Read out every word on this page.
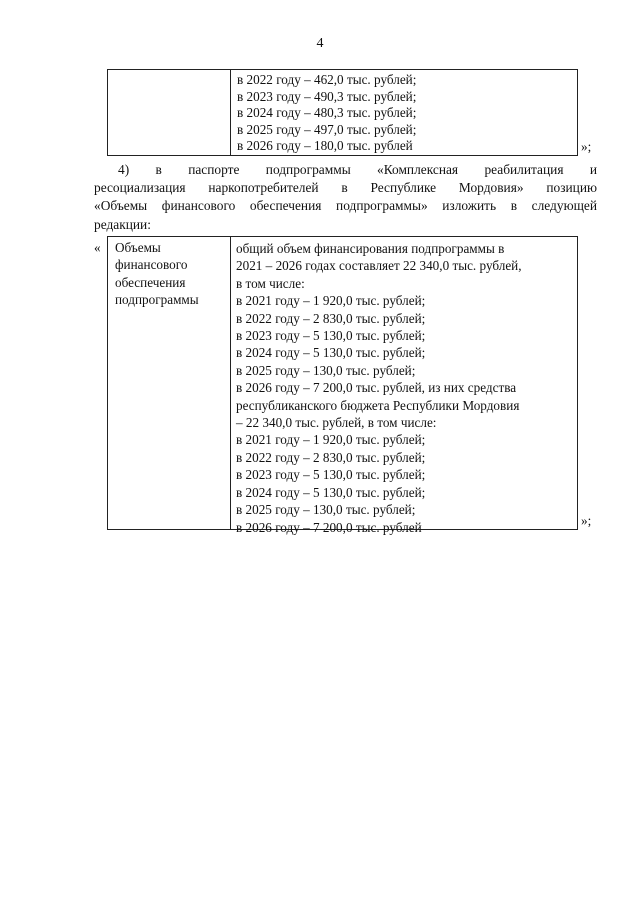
4
в 2022 году – 462,0 тыс. рублей;
в 2023 году – 490,3 тыс. рублей;
в 2024 году – 480,3 тыс. рублей;
в 2025 году – 497,0 тыс. рублей;
в 2026 году – 180,0 тыс. рублей	»;
4) в паспорте подпрограммы «Комплексная реабилитация и
ресоциализация наркопотребителей в Республике Мордовия» позицию
«Объемы финансового обеспечения подпрограммы» изложить в следующей
редакции:
« Объемы
финансового
обеспечения
подпрограммы
общий объем финансирования подпрограммы в
2021 – 2026 годах составляет 22 340,0 тыс. рублей,
в том числе:
в 2021 году – 1 920,0 тыс. рублей;
в 2022 году – 2 830,0 тыс. рублей;
в 2023 году – 5 130,0 тыс. рублей;
в 2024 году – 5 130,0 тыс. рублей;
в 2025 году – 130,0 тыс. рублей;
в 2026 году – 7 200,0 тыс. рублей, из них средства
республиканского бюджета Республики Мордовия
– 22 340,0 тыс. рублей, в том числе:
в 2021 году – 1 920,0 тыс. рублей;
в 2022 году – 2 830,0 тыс. рублей;
в 2023 году – 5 130,0 тыс. рублей;
в 2024 году – 5 130,0 тыс. рублей;
в 2025 году – 130,0 тыс. рублей;
в 2026 году – 7 200,0 тыс. рублей	»;
